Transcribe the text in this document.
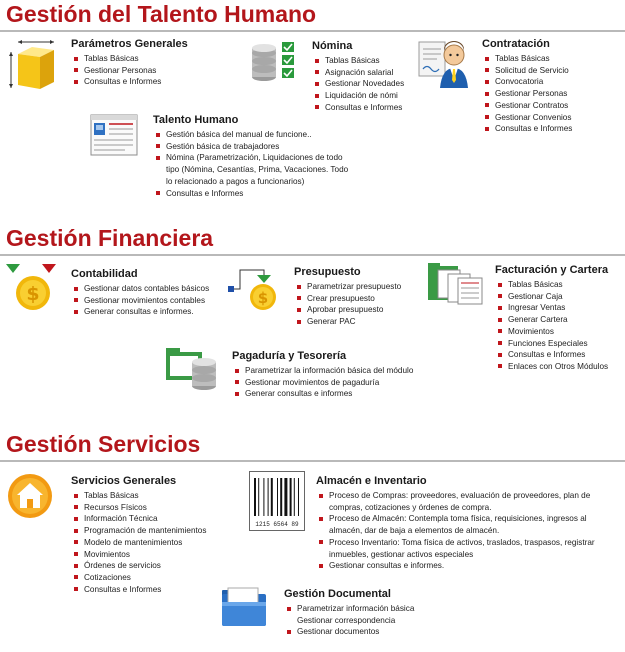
Gestión del Talento Humano
Parámetros Generales
Tablas Básicas
Gestionar Personas
Consultas e Informes
Nómina
Tablas Básicas
Asignación salarial
Gestionar Novedades
Liquidación de nómi
Consultas e Informes
Contratación
Tablas Básicas
Solicitud de Servicio
Convocatoria
Gestionar Personas
Gestionar Contratos
Gestionar Convenios
Consultas e Informes
Talento Humano
Gestión básica del manual de funcione..
Gestión básica de trabajadores
Nómina (Parametrización, Liquidaciones de todo tipo (Nómina, Cesantías, Prima, Vacaciones. Todo lo relacionado a pagos a funcionarios)
Consultas e Informes
Gestión Financiera
$
Contabilidad
Gestionar datos contables básicos
Gestionar movimientos contables
Generar consultas e informes.
$
Presupuesto
Parametrizar presupuesto
Crear presupuesto
Aprobar presupuesto
Generar PAC
Facturación y Cartera
Tablas Básicas
Gestionar Caja
Ingresar Ventas
Generar Cartera
Movimientos
Funciones Especiales
Consultas e Informes
Enlaces con Otros Módulos
Pagaduría y Tesorería
Parametrizar la información básica del módulo
Gestionar movimientos de pagaduría
Generar consultas e informes
Gestión Servicios
Servicios Generales
Tablas Básicas
Recursos Físicos
Información Técnica
Programación de mantenimientos
Modelo de mantenimientos
Movimientos
Órdenes de servicios
Cotizaciones
Consultas e Informes
1215 6564 89
Almacén e Inventario
Proceso de Compras: proveedores, evaluación de proveedores, plan de compras, cotizaciones y órdenes de compra.
Proceso de Almacén: Contempla toma física, requisiciones, ingresos al almacén, dar de baja a elementos de almacén.
Proceso Inventario: Toma física de activos, traslados, traspasos, registrar inmuebles, gestionar activos especiales
Gestionar consultas e informes.
Gestión Documental
Parametrizar información básica
Gestionar correspondencia
Gestionar documentos
